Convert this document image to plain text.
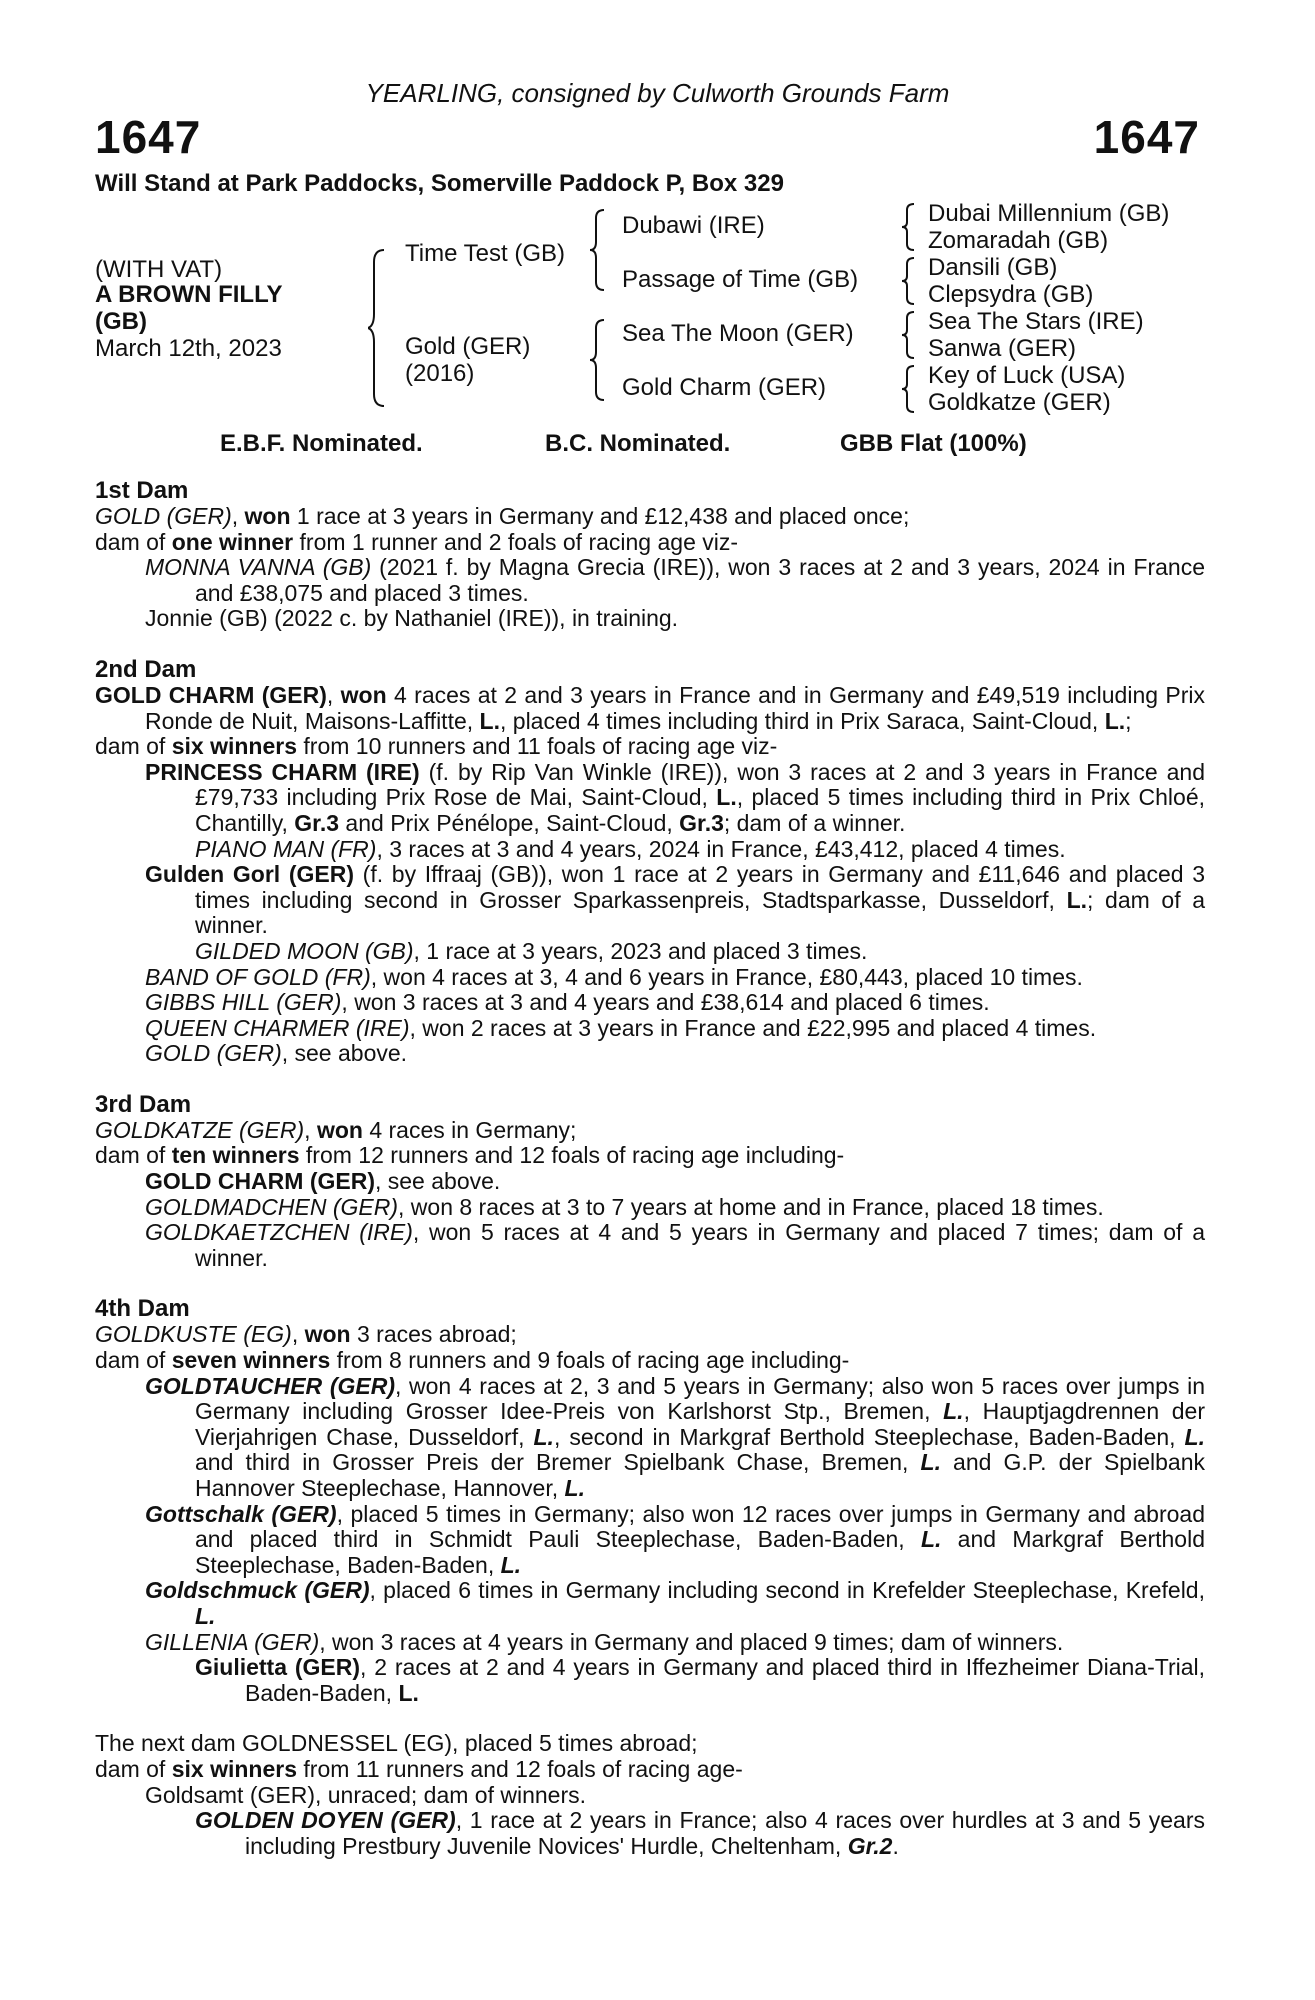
YEARLING, consigned by Culworth Grounds Farm
1647	1647
Will Stand at Park Paddocks, Somerville Paddock P, Box 329
(WITH VAT)
A BROWN FILLY
(GB)
March 12th, 2023
Time Test (GB)
Gold (GER)
(2016)
Dubawi (IRE)
Passage of Time (GB)
Sea The Moon (GER)
Gold Charm (GER)
Dubai Millennium (GB)
Zomaradah (GB)
Dansili (GB)
Clepsydra (GB)
Sea The Stars (IRE)
Sanwa (GER)
Key of Luck (USA)
Goldkatze (GER)
E.B.F. Nominated.	B.C. Nominated.	GBB Flat (100%)
1st Dam
GOLD (GER), won 1 race at 3 years in Germany and £12,438 and placed once;
dam of one winner from 1 runner and 2 foals of racing age viz-
MONNA VANNA (GB) (2021 f. by Magna Grecia (IRE)), won 3 races at 2 and 3 years, 2024 in France and £38,075 and placed 3 times.
Jonnie (GB) (2022 c. by Nathaniel (IRE)), in training.
2nd Dam
GOLD CHARM (GER), won 4 races at 2 and 3 years in France and in Germany and £49,519 including Prix Ronde de Nuit, Maisons-Laffitte, L., placed 4 times including third in Prix Saraca, Saint-Cloud, L.;
dam of six winners from 10 runners and 11 foals of racing age viz-
PRINCESS CHARM (IRE) (f. by Rip Van Winkle (IRE)), won 3 races at 2 and 3 years in France and £79,733 including Prix Rose de Mai, Saint-Cloud, L., placed 5 times including third in Prix Chloé, Chantilly, Gr.3 and Prix Pénélope, Saint-Cloud, Gr.3; dam of a winner.
PIANO MAN (FR), 3 races at 3 and 4 years, 2024 in France, £43,412, placed 4 times.
Gulden Gorl (GER) (f. by Iffraaj (GB)), won 1 race at 2 years in Germany and £11,646 and placed 3 times including second in Grosser Sparkassenpreis, Stadtsparkasse, Dusseldorf, L.; dam of a winner.
GILDED MOON (GB), 1 race at 3 years, 2023 and placed 3 times.
BAND OF GOLD (FR), won 4 races at 3, 4 and 6 years in France, £80,443, placed 10 times.
GIBBS HILL (GER), won 3 races at 3 and 4 years and £38,614 and placed 6 times.
QUEEN CHARMER (IRE), won 2 races at 3 years in France and £22,995 and placed 4 times.
GOLD (GER), see above.
3rd Dam
GOLDKATZE (GER), won 4 races in Germany;
dam of ten winners from 12 runners and 12 foals of racing age including-
GOLD CHARM (GER), see above.
GOLDMADCHEN (GER), won 8 races at 3 to 7 years at home and in France, placed 18 times.
GOLDKAETZCHEN (IRE), won 5 races at 4 and 5 years in Germany and placed 7 times; dam of a winner.
4th Dam
GOLDKUSTE (EG), won 3 races abroad;
dam of seven winners from 8 runners and 9 foals of racing age including-
GOLDTAUCHER (GER), won 4 races at 2, 3 and 5 years in Germany; also won 5 races over jumps in Germany including Grosser Idee-Preis von Karlshorst Stp., Bremen, L., Hauptjagdrennen der Vierjahrigen Chase, Dusseldorf, L., second in Markgraf Berthold Steeplechase, Baden-Baden, L. and third in Grosser Preis der Bremer Spielbank Chase, Bremen, L. and G.P. der Spielbank Hannover Steeplechase, Hannover, L.
Gottschalk (GER), placed 5 times in Germany; also won 12 races over jumps in Germany and abroad and placed third in Schmidt Pauli Steeplechase, Baden-Baden, L. and Markgraf Berthold Steeplechase, Baden-Baden, L.
Goldschmuck (GER), placed 6 times in Germany including second in Krefelder Steeplechase, Krefeld, L.
GILLENIA (GER), won 3 races at 4 years in Germany and placed 9 times; dam of winners.
Giulietta (GER), 2 races at 2 and 4 years in Germany and placed third in Iffezheimer Diana-Trial, Baden-Baden, L.
The next dam GOLDNESSEL (EG), placed 5 times abroad;
dam of six winners from 11 runners and 12 foals of racing age-
Goldsamt (GER), unraced; dam of winners.
GOLDEN DOYEN (GER), 1 race at 2 years in France; also 4 races over hurdles at 3 and 5 years including Prestbury Juvenile Novices' Hurdle, Cheltenham, Gr.2.
